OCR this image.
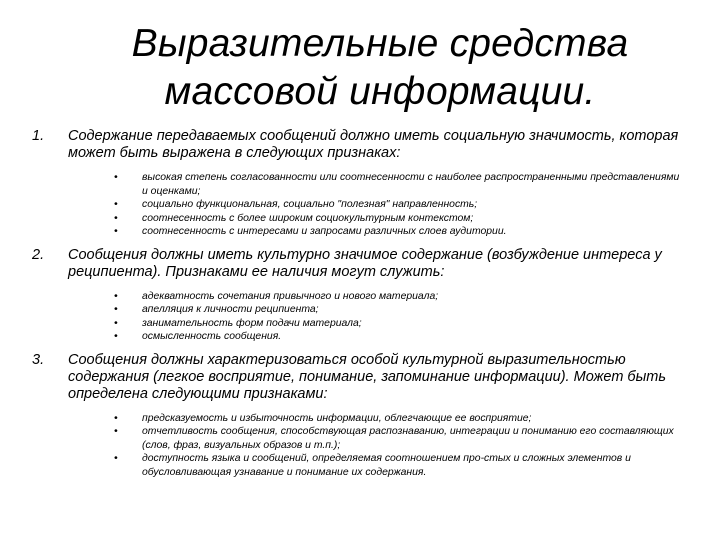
Выразительные средства массовой информации.
1.	Содержание передаваемых сообщений должно иметь социальную значимость, которая может быть выражена в следующих признаках:
•	высокая степень согласованности или соотнесенности с наиболее распространенными представлениями и оценками;
•	социально функциональная, социально "полезная" направленность;
•	соотнесенность с более широким социокультурным контекстом;
•	соотнесенность с интересами и запросами различных слоев аудитории.
2.	Сообщения должны иметь культурно значимое содержание (возбуждение интереса у реципиента). Признаками ее наличия могут служить:
•	адекватность сочетания привычного и нового материала;
•	апелляция к личности реципиента;
•	занимательность форм подачи материала;
•	осмысленность сообщения.
3.	Сообщения должны характеризоваться особой культурной выразительностью содержания (легкое восприятие, понимание, запоминание информации). Может быть определена следующими признаками:
•	предсказуемость и избыточность информации, облегчающие ее восприятие;
•	отчетливость сообщения, способствующая распознаванию, интеграции и пониманию его составляющих (слов, фраз, визуальных образов и т.п.);
•	доступность языка и сообщений, определяемая соотношением про-стых и сложных элементов и обусловливающая узнавание и понимание их содержания.
